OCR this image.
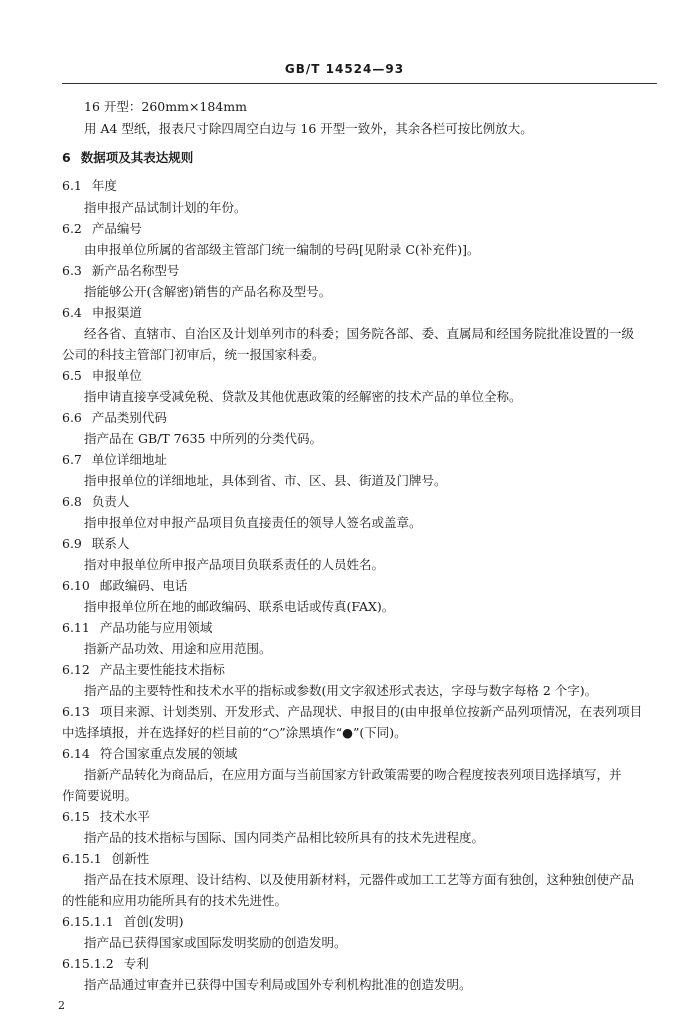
GB/T 14524—93
16 开型：260mm×184mm
用 A4 型纸，报表尺寸除四周空白边与 16 开型一致外，其余各栏可按比例放大。
6 数据项及其表达规则
6.1 年度
指申报产品试制计划的年份。
6.2 产品编号
由申报单位所属的省部级主管部门统一编制的号码[见附录 C(补充件)]。
6.3 新产品名称型号
指能够公开(含解密)销售的产品名称及型号。
6.4 申报渠道
经各省、直辖市、自治区及计划单列市的科委；国务院各部、委、直属局和经国务院批准设置的一级
公司的科技主管部门初审后，统一报国家科委。
6.5 申报单位
指申请直接享受减免税、贷款及其他优惠政策的经解密的技术产品的单位全称。
6.6 产品类别代码
指产品在 GB/T 7635 中所列的分类代码。
6.7 单位详细地址
指申报单位的详细地址，具体到省、市、区、县、街道及门牌号。
6.8 负责人
指申报单位对申报产品项目负直接责任的领导人签名或盖章。
6.9 联系人
指对申报单位所申报产品项目负联系责任的人员姓名。
6.10 邮政编码、电话
指申报单位所在地的邮政编码、联系电话或传真(FAX)。
6.11 产品功能与应用领域
指新产品功效、用途和应用范围。
6.12 产品主要性能技术指标
指产品的主要特性和技术水平的指标或参数(用文字叙述形式表达，字母与数字每格 2 个字)。
6.13 项目来源、计划类别、开发形式、产品现状、申报目的(由申报单位按新产品列项情况，在表列项目
中选择填报，并在选择好的栏目前的“○”涂黑填作“●”(下同)。
6.14 符合国家重点发展的领域
指新产品转化为商品后，在应用方面与当前国家方针政策需要的吻合程度按表列项目选择填写，并
作简要说明。
6.15 技术水平
指产品的技术指标与国际、国内同类产品相比较所具有的技术先进程度。
6.15.1 创新性
指产品在技术原理、设计结构、以及使用新材料，元器件或加工工艺等方面有独创，这种独创使产品
的性能和应用功能所具有的技术先进性。
6.15.1.1 首创(发明)
指产品已获得国家或国际发明奖励的创造发明。
6.15.1.2 专利
指产品通过审查并已获得中国专利局或国外专利机构批准的创造发明。
2
